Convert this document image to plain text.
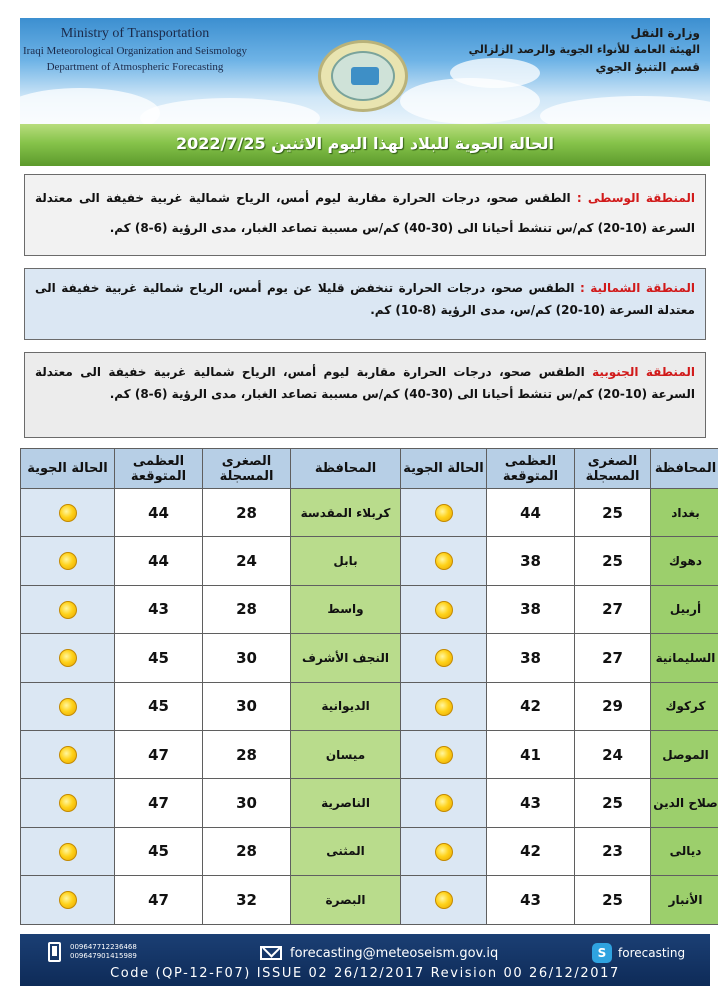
Ministry of Transportation
Iraqi Meteorological Organization and Seismology
Department of Atmospheric Forecasting
وزارة النقل
الهيئة العامة للأنواء الجوية والرصد الزلزالي
قسم التنبؤ الجوي
الحالة الجوية للبلاد لهذا اليوم الاثنين 2022/7/25
المنطقة الوسطى : الطقس صحو، درجات الحرارة مقاربة ليوم أمس، الرياح شمالية غربية خفيفة الى معتدلة السرعة (10-20) كم/س تنشط أحيانا الى (30-40) كم/س مسببة تصاعد الغبار، مدى الرؤية (6-8) كم.
المنطقة الشمالية : الطقس صحو، درجات الحرارة تنخفض قليلا عن يوم أمس، الرياح شمالية غربية خفيفة الى معتدلة السرعة (10-20) كم/س، مدى الرؤية (8-10) كم.
المنطقة الجنوبية الطقس صحو، درجات الحرارة مقاربة ليوم أمس، الرياح شمالية غربية خفيفة الى معتدلة السرعة (10-20) كم/س تنشط أحيانا الى (30-40) كم/س مسببة تصاعد الغبار، مدى الرؤية (6-8) كم.
الحالة الجوية	العظمى المتوقعة	الصغرى المسجلة	المحافظة	الحالة الجوية	العظمى المتوقعة	الصغرى المسجلة	المحافظة
	44	28	كربلاء المقدسة		44	25	بغداد
	44	24	بابل		38	25	دهوك
	43	28	واسط		38	27	أربيل
	45	30	النجف الأشرف		38	27	السليمانية
	45	30	الديوانية		42	29	كركوك
	47	28	ميسان		41	24	الموصل
	47	30	الناصرية		43	25	صلاح الدين
	45	28	المثنى		42	23	ديالى
	47	32	البصرة		43	25	الأنبار
009647712236468
009647901415989	forecasting@meteoseism.gov.iq	S forecasting
Code (QP-12-F07) ISSUE 02 26/12/2017 Revision 00 26/12/2017
